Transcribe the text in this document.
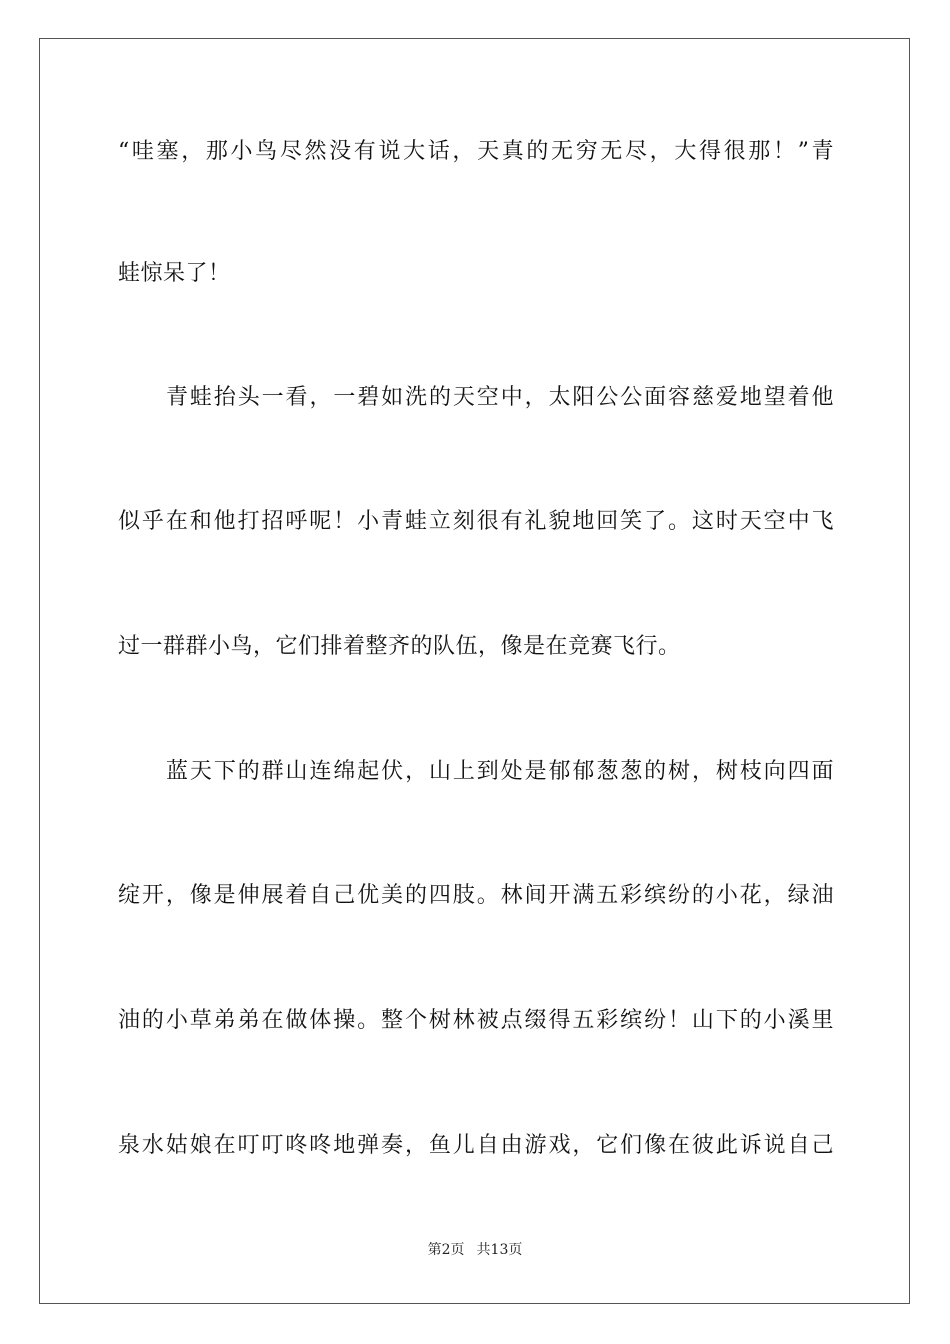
“哇塞，那小鸟尽然没有说大话，天真的无穷无尽，大得很那！”青
蛙惊呆了！
青蛙抬头一看，一碧如洗的天空中，太阳公公面容慈爱地望着他
似乎在和他打招呼呢！小青蛙立刻很有礼貌地回笑了。这时天空中飞
过一群群小鸟，它们排着整齐的队伍，像是在竞赛飞行。
蓝天下的群山连绵起伏，山上到处是郁郁葱葱的树，树枝向四面
绽开，像是伸展着自己优美的四肢。林间开满五彩缤纷的小花，绿油
油的小草弟弟在做体操。整个树林被点缀得五彩缤纷！山下的小溪里
泉水姑娘在叮叮咚咚地弹奏，鱼儿自由游戏，它们像在彼此诉说自己
第2页 共13页
